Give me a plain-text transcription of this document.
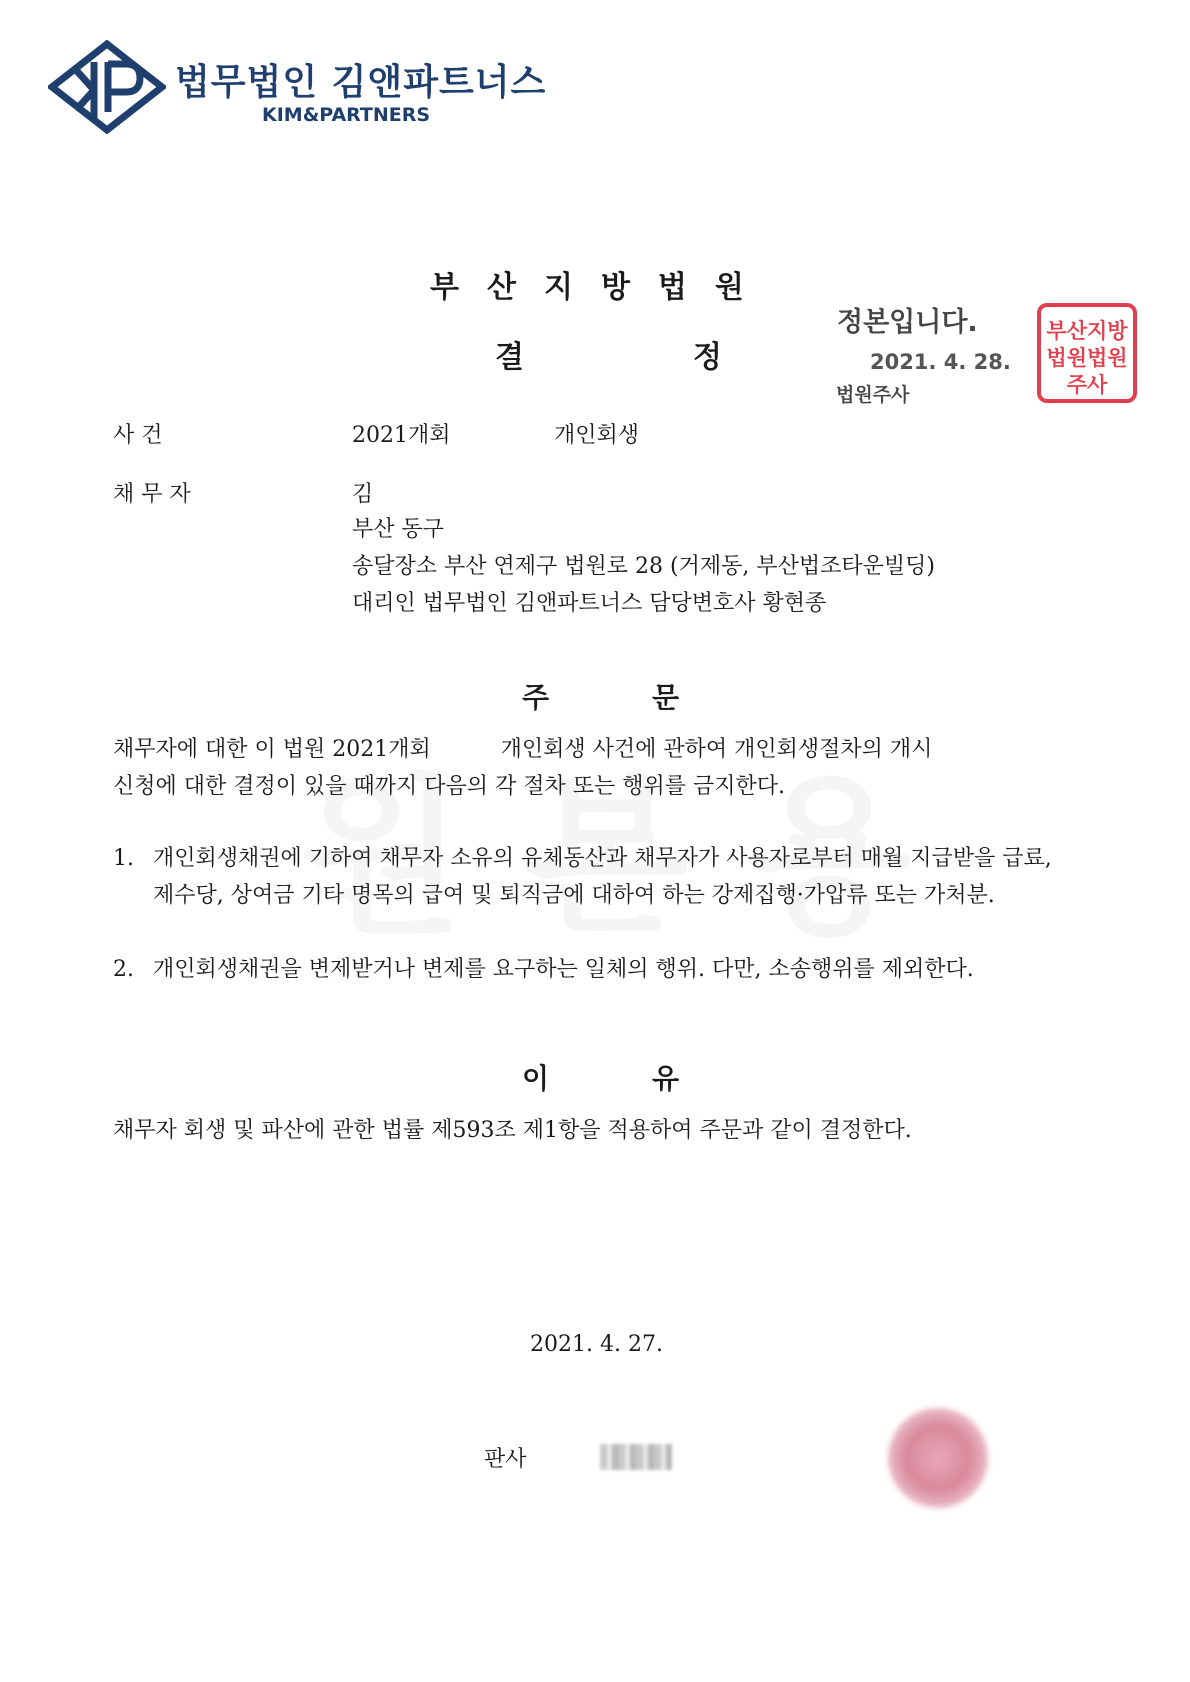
법무법인 김앤파트너스
KIM&PARTNERS
부산지방법원
결	정
정본입니다.
2021. 4. 28.
법원주사
부산지방
법원법원
주사
사 건	2021개회	개인회생
채 무 자	김
부산 동구
송달장소 부산 연제구 법원로 28 (거제동, 부산법조타운빌딩)
대리인 법무법인 김앤파트너스 담당변호사 황현종
주	문
채무자에 대한 이 법원 2021개회          개인회생 사건에 관하여 개인회생절차의 개시
신청에 대한 결정이 있을 때까지 다음의 각 절차 또는 행위를 금지한다.
1. 개인회생채권에 기하여 채무자 소유의 유체동산과 채무자가 사용자로부터 매월 지급받을 급료, 제수당, 상여금 기타 명목의 급여 및 퇴직금에 대하여 하는 강제집행·가압류 또는 가처분.
2. 개인회생채권을 변제받거나 변제를 요구하는 일체의 행위. 다만, 소송행위를 제외한다.
이	유
채무자 회생 및 파산에 관한 법률 제593조 제1항을 적용하여 주문과 같이 결정한다.
2021. 4. 27.
판사
